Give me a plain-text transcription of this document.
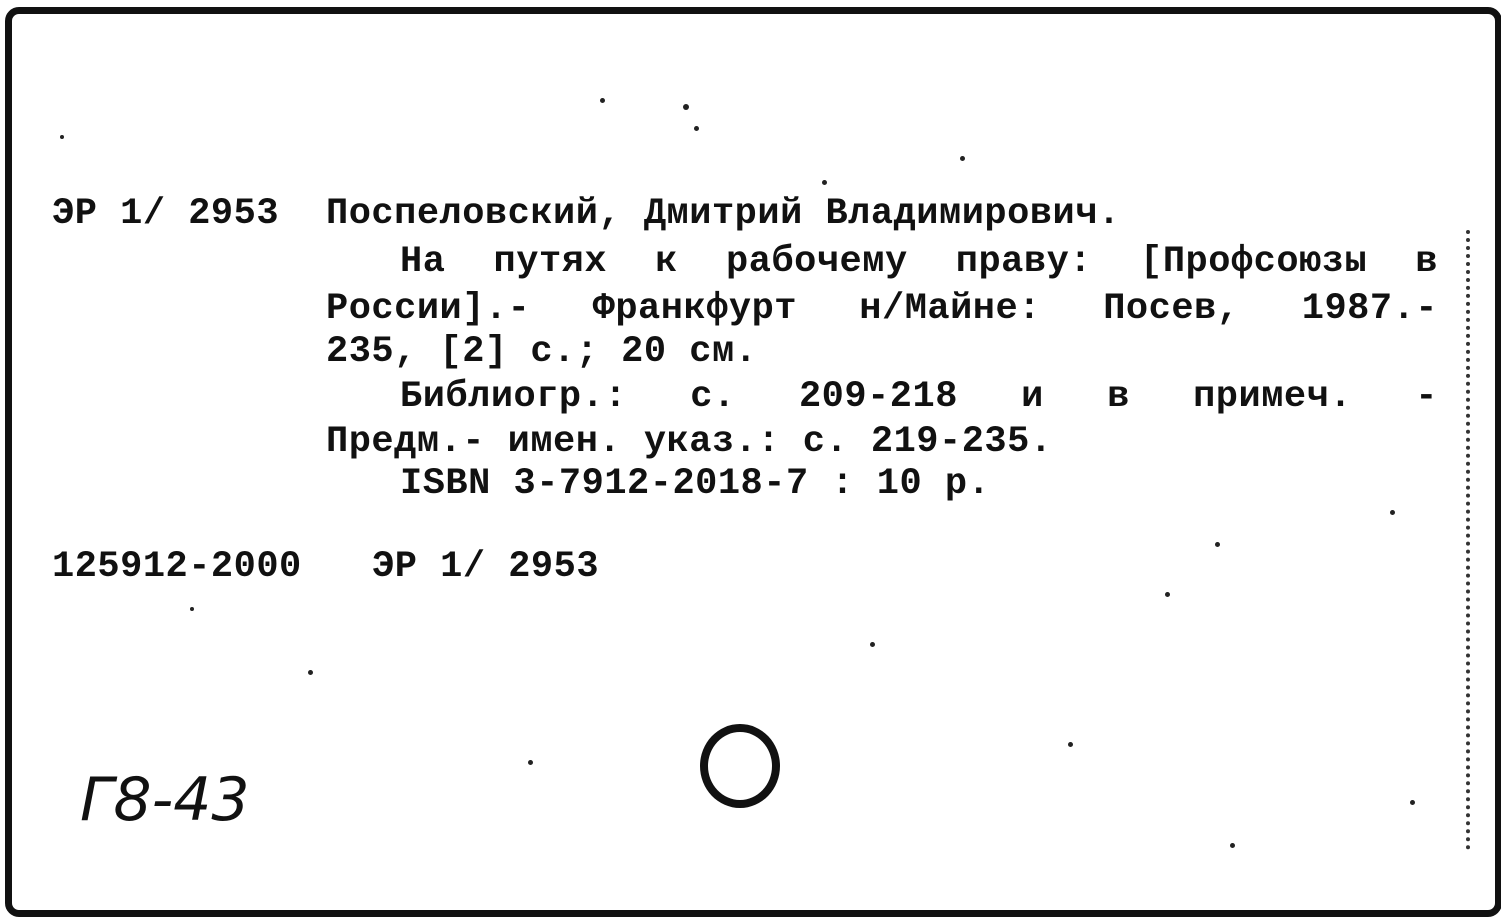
ЭР 1/ 2953 Поспеловский, Дмитрий Владимирович.
На путях к рабочему праву: [Профсоюзы в
России].- Франкфурт н/Майне: Посев, 1987.-
235, [2] с.; 20 см.
Библиогр.: с. 209-218 и в примеч. -
Предм.- имен. указ.: с. 219-235.
ISBN 3-7912-2018-7 : 10 р.
125912-2000 ЭР 1/ 2953
Г8-43
